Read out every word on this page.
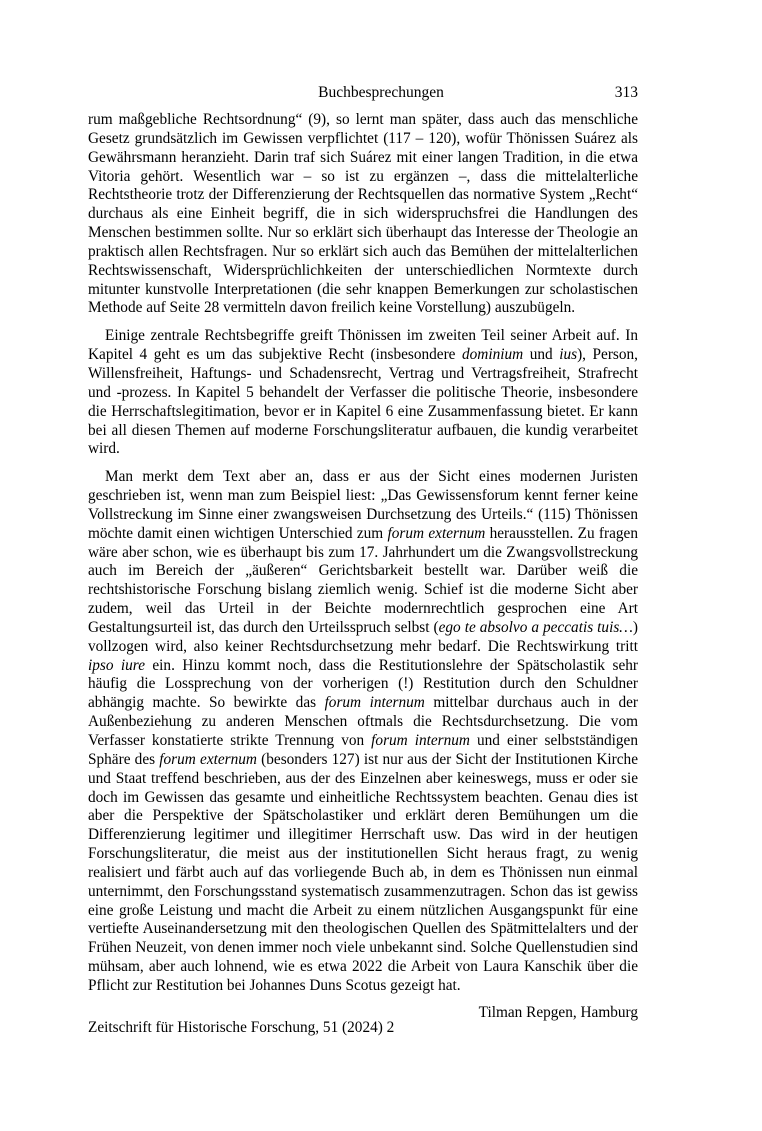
Buchbesprechungen	313

rum maßgebliche Rechtsordnung“ (9), so lernt man später, dass auch das menschliche Gesetz grundsätzlich im Gewissen verpflichtet (117 – 120), wofür Thönissen Suárez als Gewährsmann heranzieht. Darin traf sich Suárez mit einer langen Tradition, in die etwa Vitoria gehört. Wesentlich war – so ist zu ergänzen –, dass die mittelalterliche Rechtstheorie trotz der Differenzierung der Rechtsquellen das normative System „Recht“ durchaus als eine Einheit begriff, die in sich widerspruchsfrei die Handlungen des Menschen bestimmen sollte. Nur so erklärt sich überhaupt das Interesse der Theologie an praktisch allen Rechtsfragen. Nur so erklärt sich auch das Bemühen der mittelalterlichen Rechtswissenschaft, Widersprüchlichkeiten der unterschiedlichen Normtexte durch mitunter kunstvolle Interpretationen (die sehr knappen Bemerkungen zur scholastischen Methode auf Seite 28 vermitteln davon freilich keine Vorstellung) auszubügeln.

Einige zentrale Rechtsbegriffe greift Thönissen im zweiten Teil seiner Arbeit auf. In Kapitel 4 geht es um das subjektive Recht (insbesondere dominium und ius), Person, Willensfreiheit, Haftungs- und Schadensrecht, Vertrag und Vertragsfreiheit, Strafrecht und -prozess. In Kapitel 5 behandelt der Verfasser die politische Theorie, insbesondere die Herrschaftslegitimation, bevor er in Kapitel 6 eine Zusammenfassung bietet. Er kann bei all diesen Themen auf moderne Forschungsliteratur aufbauen, die kundig verarbeitet wird.

Man merkt dem Text aber an, dass er aus der Sicht eines modernen Juristen geschrieben ist, wenn man zum Beispiel liest: „Das Gewissensforum kennt ferner keine Vollstreckung im Sinne einer zwangsweisen Durchsetzung des Urteils.“ (115) Thönissen möchte damit einen wichtigen Unterschied zum forum externum herausstellen. Zu fragen wäre aber schon, wie es überhaupt bis zum 17. Jahrhundert um die Zwangsvollstreckung auch im Bereich der „äußeren“ Gerichtsbarkeit bestellt war. Darüber weiß die rechtshistorische Forschung bislang ziemlich wenig. Schief ist die moderne Sicht aber zudem, weil das Urteil in der Beichte modernrechtlich gesprochen eine Art Gestaltungsurteil ist, das durch den Urteilsspruch selbst (ego te absolvo a peccatis tuis…) vollzogen wird, also keiner Rechtsdurchsetzung mehr bedarf. Die Rechtswirkung tritt ipso iure ein. Hinzu kommt noch, dass die Restitutionslehre der Spätscholastik sehr häufig die Lossprechung von der vorherigen (!) Restitution durch den Schuldner abhängig machte. So bewirkte das forum internum mittelbar durchaus auch in der Außenbeziehung zu anderen Menschen oftmals die Rechtsdurchsetzung. Die vom Verfasser konstatierte strikte Trennung von forum internum und einer selbstständigen Sphäre des forum externum (besonders 127) ist nur aus der Sicht der Institutionen Kirche und Staat treffend beschrieben, aus der des Einzelnen aber keineswegs, muss er oder sie doch im Gewissen das gesamte und einheitliche Rechtssystem beachten. Genau dies ist aber die Perspektive der Spätscholastiker und erklärt deren Bemühungen um die Differenzierung legitimer und illegitimer Herrschaft usw. Das wird in der heutigen Forschungsliteratur, die meist aus der institutionellen Sicht heraus fragt, zu wenig realisiert und färbt auch auf das vorliegende Buch ab, in dem es Thönissen nun einmal unternimmt, den Forschungsstand systematisch zusammenzutragen. Schon das ist gewiss eine große Leistung und macht die Arbeit zu einem nützlichen Ausgangspunkt für eine vertiefte Auseinandersetzung mit den theologischen Quellen des Spätmittelalters und der Frühen Neuzeit, von denen immer noch viele unbekannt sind. Solche Quellenstudien sind mühsam, aber auch lohnend, wie es etwa 2022 die Arbeit von Laura Kanschik über die Pflicht zur Restitution bei Johannes Duns Scotus gezeigt hat.

Tilman Repgen, Hamburg
Zeitschrift für Historische Forschung, 51 (2024) 2
